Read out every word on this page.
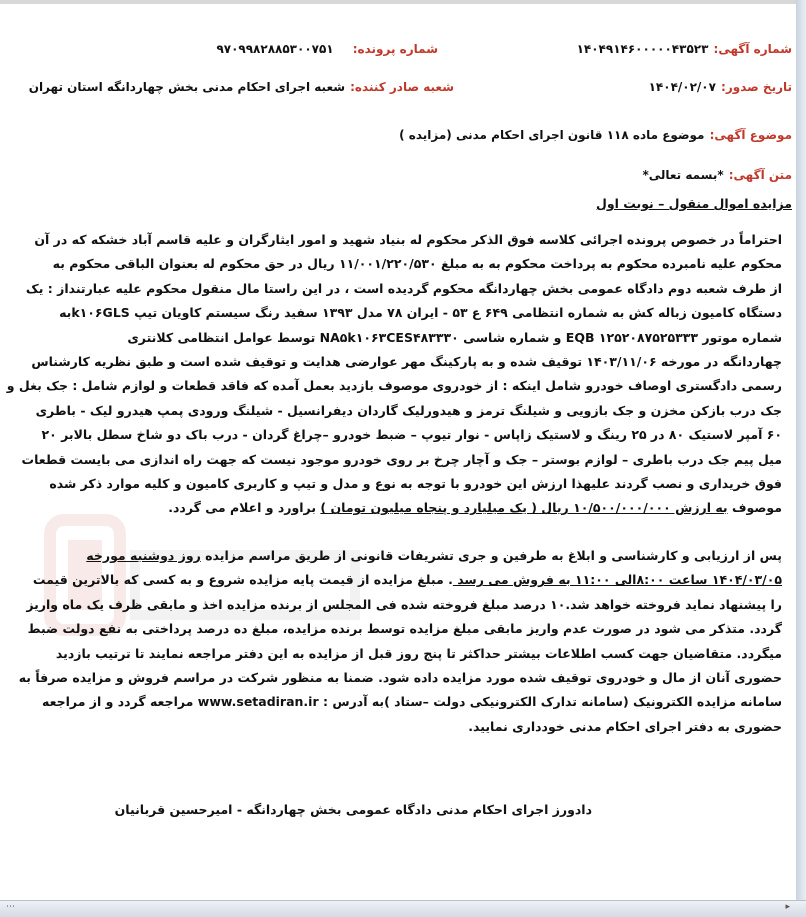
شماره آگهی: ۱۴۰۴۹۱۴۶۰۰۰۰۰۴۳۵۲۳
شماره پرونده: ۹۷۰۹۹۸۲۸۸۵۳۰۰۷۵۱
تاریخ صدور: ۱۴۰۴/۰۲/۰۷
شعبه صادر کننده: شعبه اجرای احکام مدنی بخش چهاردانگه استان تهران
موضوع آگهی: موضوع ماده ۱۱۸ قانون اجرای احکام مدنی (مزایده )
متن آگهی: *بسمه تعالی*
مزایده اموال منقول – نوبت اول
احتراماً در خصوص پرونده اجرائی کلاسه فوق الذکر محکوم له بنیاد شهید و امور ایثارگران و علیه قاسم آباد خشکه که در آن
محکوم علیه نامبرده محکوم به پرداخت محکوم به به مبلغ ۱۱/۰۰۱/۲۲۰/۵۳۰ ریال در حق محکوم له بعنوان الباقی محکوم به
از طرف شعبه دوم دادگاه عمومی بخش چهاردانگه محکوم گردیده است ، در این راستا مال منقول محکوم علیه عبارتنداز : یک
دستگاه کامیون زباله کش به شماره انتظامی ۶۴۹ ع ۵۳ - ایران ۷۸ مدل ۱۳۹۳ سفید رنگ سیستم کاویان تیپ k۱۰۶GLSبه
شماره موتور ۱۲۵۲۰۸۷۵۲۵۳۳۳ EQB و شماره شاسی NA۵k۱۰۶۳CES۴۸۳۳۳۰ توسط عوامل انتظامی کلانتری
چهاردانگه در مورخه ۱۴۰۳/۱۱/۰۶ توقیف شده و به پارکینگ مهر عوارضی هدایت و توقیف شده است و طبق نظریه کارشناس
رسمی دادگستری اوصاف خودرو شامل اینکه : از خودروی موصوف بازدید بعمل آمده که فاقد قطعات و لوازم شامل : جک بغل و
جک درب بازکن مخزن و جک بازویی و شیلنگ ترمز و هیدورلیک گاردان دیفرانسیل - شیلنگ ورودی پمپ هیدرو لیک - باطری
۶۰ آمپر لاستیک ۸۰ در ۲۵ رینگ و لاستیک زاپاس - نوار تیوپ – ضبط خودرو –چراغ گردان - درب باک دو شاخ سطل بالابر ۲۰
میل پیم جک درب باطری – لوازم بوستر – جک و آچار چرخ بر روی خودرو موجود نیست که جهت راه اندازی می بایست قطعات
فوق خریداری و نصب گردند علیهذا ارزش این خودرو با توجه به نوع و مدل و تیپ و کاربری کامیون و کلیه موارد ذکر شده
موصوف به ارزش ۱۰/۵۰۰/۰۰۰/۰۰۰ ریال ( یک میلیارد و پنجاه میلیون تومان ) براورد و اعلام می گردد.
پس از ارزیابی و کارشناسی و ابلاغ به طرفین و جری تشریفات قانونی از طریق مراسم مزایده روز دوشنبه مورخه
۱۴۰۴/۰۳/۰۵ ساعت ۸:۰۰الی ۱۱:۰۰ به فروش می رسد . مبلغ مزایده از قیمت پایه مزایده شروع و به کسی که بالاترین قیمت
را پیشنهاد نماید فروخته خواهد شد.۱۰ درصد مبلغ فروخته شده فی المجلس از برنده مزایده اخذ و مابقی ظرف یک ماه واریز
گردد. متذکر می شود در صورت عدم واریز مابقی مبلغ مزایده توسط برنده مزایده، مبلغ ده درصد پرداختی به نفع دولت ضبط
میگردد. متقاضیان جهت کسب اطلاعات بیشتر حداکثر تا پنج روز قبل از مزایده به این دفتر مراجعه نمایند تا ترتیب بازدید
حضوری آنان از مال و خودروی توقیف شده مورد مزایده داده شود. ضمنا به منظور شرکت در مراسم فروش و مزایده صرفاً به
سامانه مزایده الکترونیک (سامانه تدارک الکترونیکی دولت –ستاد )به آدرس : www.setadiran.ir مراجعه گردد و از مراجعه
حضوری به دفتر اجرای احکام مدنی خودداری نمایید.
دادورز اجرای احکام مدنی دادگاه عمومی بخش چهاردانگه - امیرحسین قربانیان
⋯	▸
